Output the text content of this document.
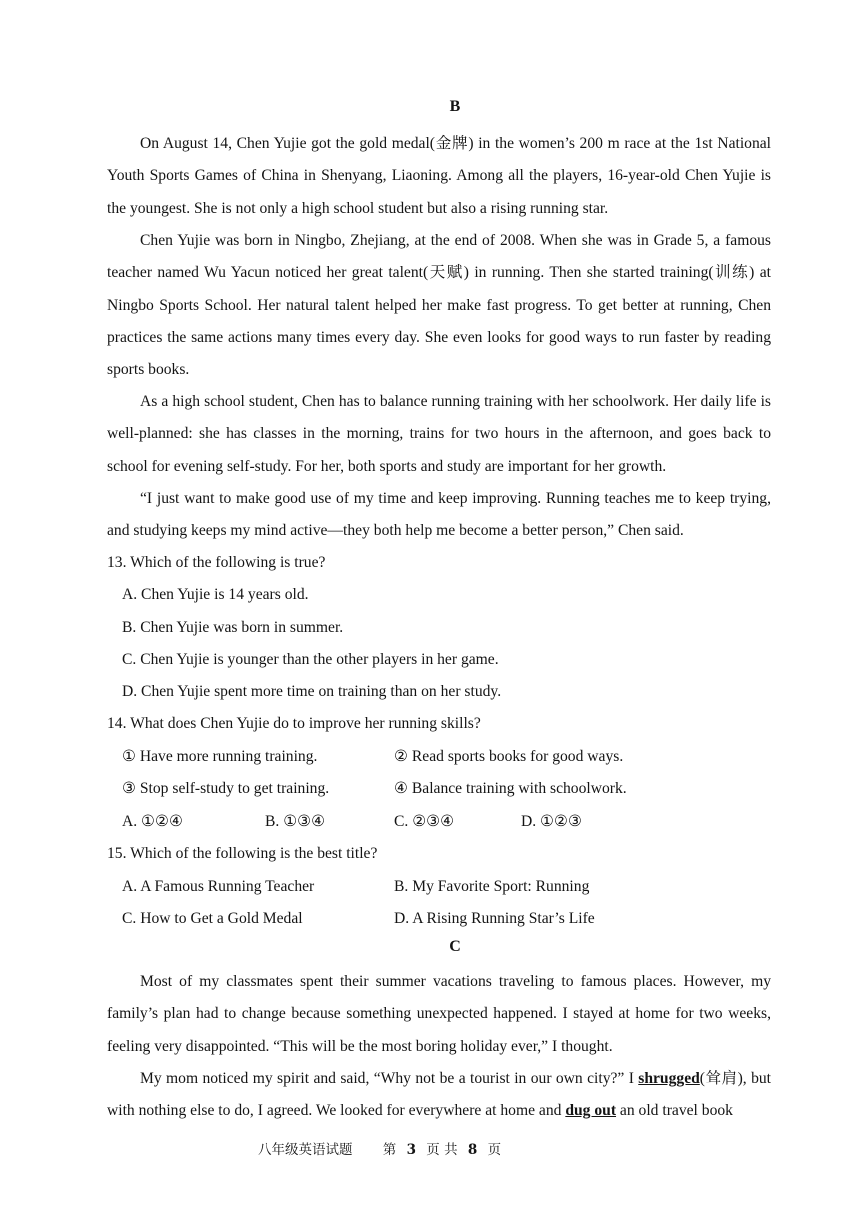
B

On August 14, Chen Yujie got the gold medal(金牌) in the women’s 200 m race at the 1st National Youth Sports Games of China in Shenyang, Liaoning. Among all the players, 16-year-old Chen Yujie is the youngest. She is not only a high school student but also a rising running star.

Chen Yujie was born in Ningbo, Zhejiang, at the end of 2008. When she was in Grade 5, a famous teacher named Wu Yacun noticed her great talent(天赋) in running. Then she started training(训练) at Ningbo Sports School. Her natural talent helped her make fast progress. To get better at running, Chen practices the same actions many times every day. She even looks for good ways to run faster by reading sports books.

As a high school student, Chen has to balance running training with her schoolwork. Her daily life is well-planned: she has classes in the morning, trains for two hours in the afternoon, and goes back to school for evening self-study. For her, both sports and study are important for her growth.

“I just want to make good use of my time and keep improving. Running teaches me to keep trying, and studying keeps my mind active—they both help me become a better person,” Chen said.

13. Which of the following is true?
A. Chen Yujie is 14 years old.
B. Chen Yujie was born in summer.
C. Chen Yujie is younger than the other players in her game.
D. Chen Yujie spent more time on training than on her study.
14. What does Chen Yujie do to improve her running skills?
① Have more running training.	② Read sports books for good ways.
③ Stop self-study to get training.	④ Balance training with schoolwork.
A. ①②④	B. ①③④	C. ②③④	D. ①②③
15. Which of the following is the best title?
A. A Famous Running Teacher	B. My Favorite Sport: Running
C. How to Get a Gold Medal	D. A Rising Running Star’s Life
C

Most of my classmates spent their summer vacations traveling to famous places. However, my family’s plan had to change because something unexpected happened. I stayed at home for two weeks, feeling very disappointed. “This will be the most boring holiday ever,” I thought.

My mom noticed my spirit and said, “Why not be a tourist in our own city?” I shrugged(耸肩), but with nothing else to do, I agreed. We looked for everywhere at home and dug out an old travel book

八年级英语试题 第 3 页 共 8 页
